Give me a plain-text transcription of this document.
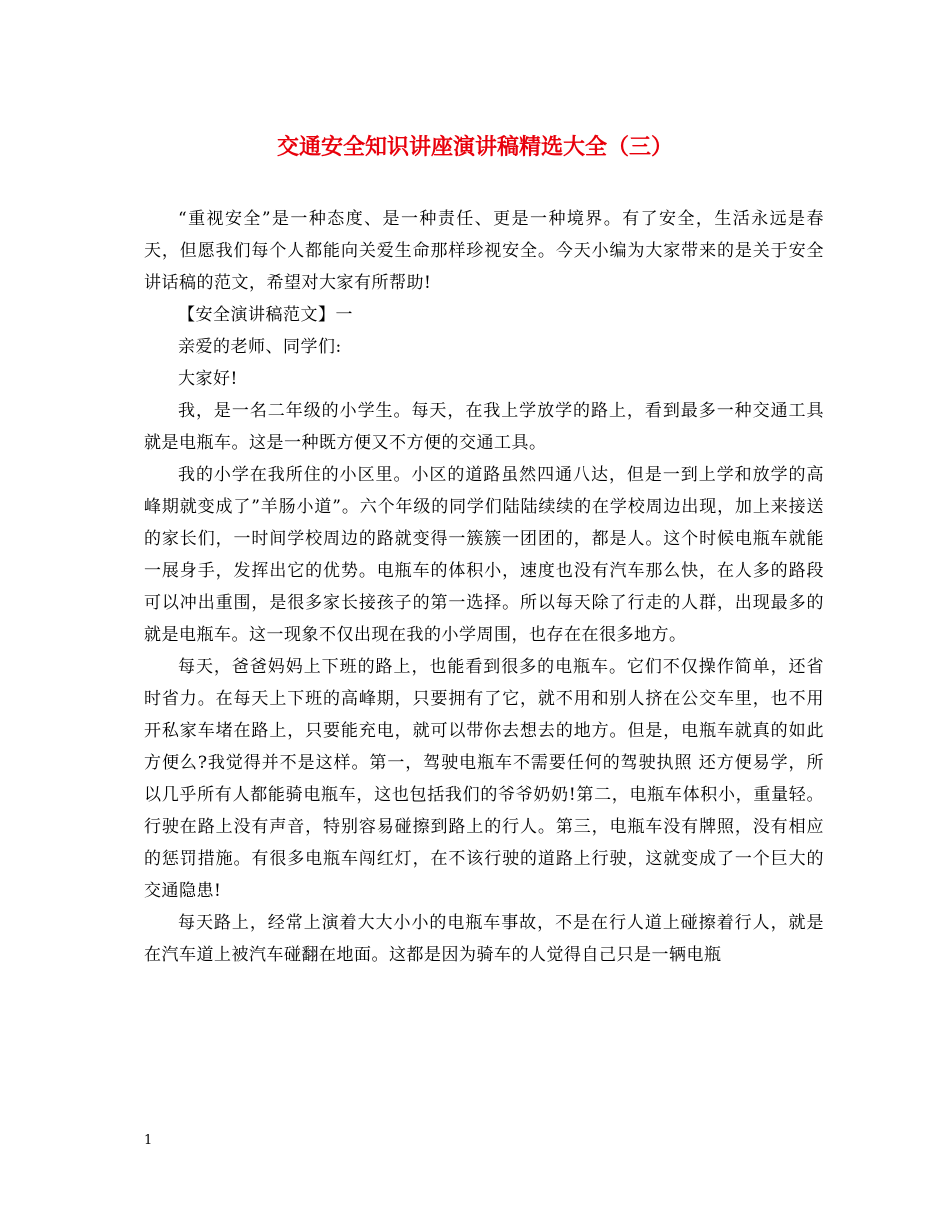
交通安全知识讲座演讲稿精选大全（三）

“重视安全”是一种态度、是一种责任、更是一种境界。有了安全，生活永远是春天，但愿我们每个人都能向关爱生命那样珍视安全。今天小编为大家带来的是关于安全讲话稿的范文，希望对大家有所帮助!

【安全演讲稿范文】一

亲爱的老师、同学们:

大家好!

我，是一名二年级的小学生。每天，在我上学放学的路上，看到最多一种交通工具就是电瓶车。这是一种既方便又不方便的交通工具。

我的小学在我所住的小区里。小区的道路虽然四通八达，但是一到上学和放学的高峰期就变成了”羊肠小道”。六个年级的同学们陆陆续续的在学校周边出现，加上来接送的家长们，一时间学校周边的路就变得一簇簇一团团的，都是人。这个时候电瓶车就能一展身手，发挥出它的优势。电瓶车的体积小，速度也没有汽车那么快，在人多的路段可以冲出重围，是很多家长接孩子的第一选择。所以每天除了行走的人群，出现最多的就是电瓶车。这一现象不仅出现在我的小学周围，也存在在很多地方。

每天，爸爸妈妈上下班的路上，也能看到很多的电瓶车。它们不仅操作简单，还省时省力。在每天上下班的高峰期，只要拥有了它，就不用和别人挤在公交车里，也不用开私家车堵在路上，只要能充电，就可以带你去想去的地方。但是，电瓶车就真的如此方便么?我觉得并不是这样。第一，驾驶电瓶车不需要任何的驾驶执照 还方便易学，所以几乎所有人都能骑电瓶车，这也包括我们的爷爷奶奶!第二，电瓶车体积小，重量轻。行驶在路上没有声音，特别容易碰擦到路上的行人。第三，电瓶车没有牌照，没有相应的惩罚措施。有很多电瓶车闯红灯，在不该行驶的道路上行驶，这就变成了一个巨大的交通隐患!

每天路上，经常上演着大大小小的电瓶车事故，不是在行人道上碰擦着行人，就是在汽车道上被汽车碰翻在地面。这都是因为骑车的人觉得自己只是一辆电瓶

1
